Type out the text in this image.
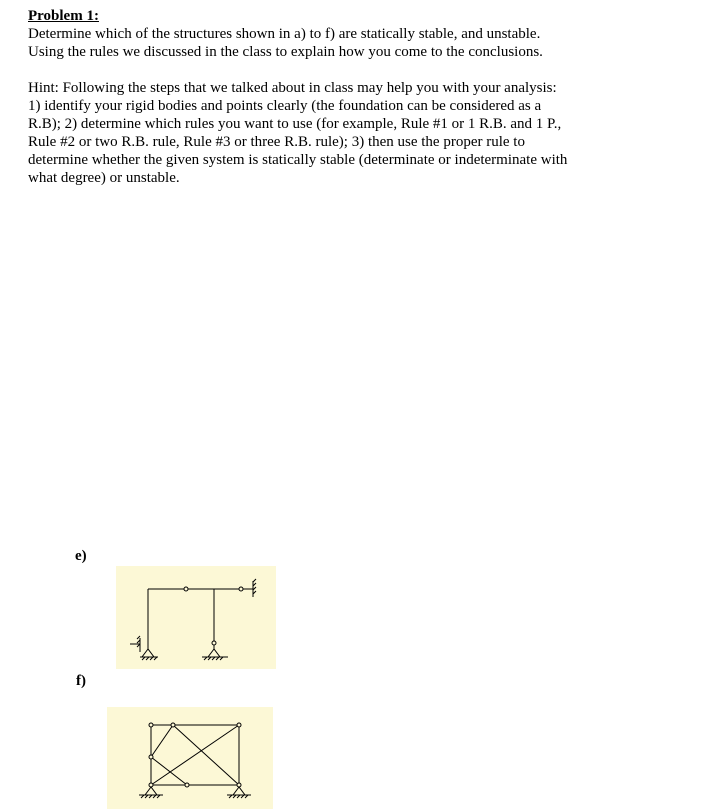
Problem 1:
Determine which of the structures shown in a) to f) are statically stable, and unstable.
Using the rules we discussed in the class to explain how you come to the conclusions.
Hint: Following the steps that we talked about in class may help you with your analysis:
1) identify your rigid bodies and points clearly (the foundation can be considered as a
R.B); 2) determine which rules you want to use (for example, Rule #1 or 1 R.B. and 1 P.,
Rule #2 or two R.B. rule, Rule #3 or three R.B. rule); 3) then use the proper rule to
determine whether the given system is statically stable (determinate or indeterminate with
what degree) or unstable.
e)
f)
